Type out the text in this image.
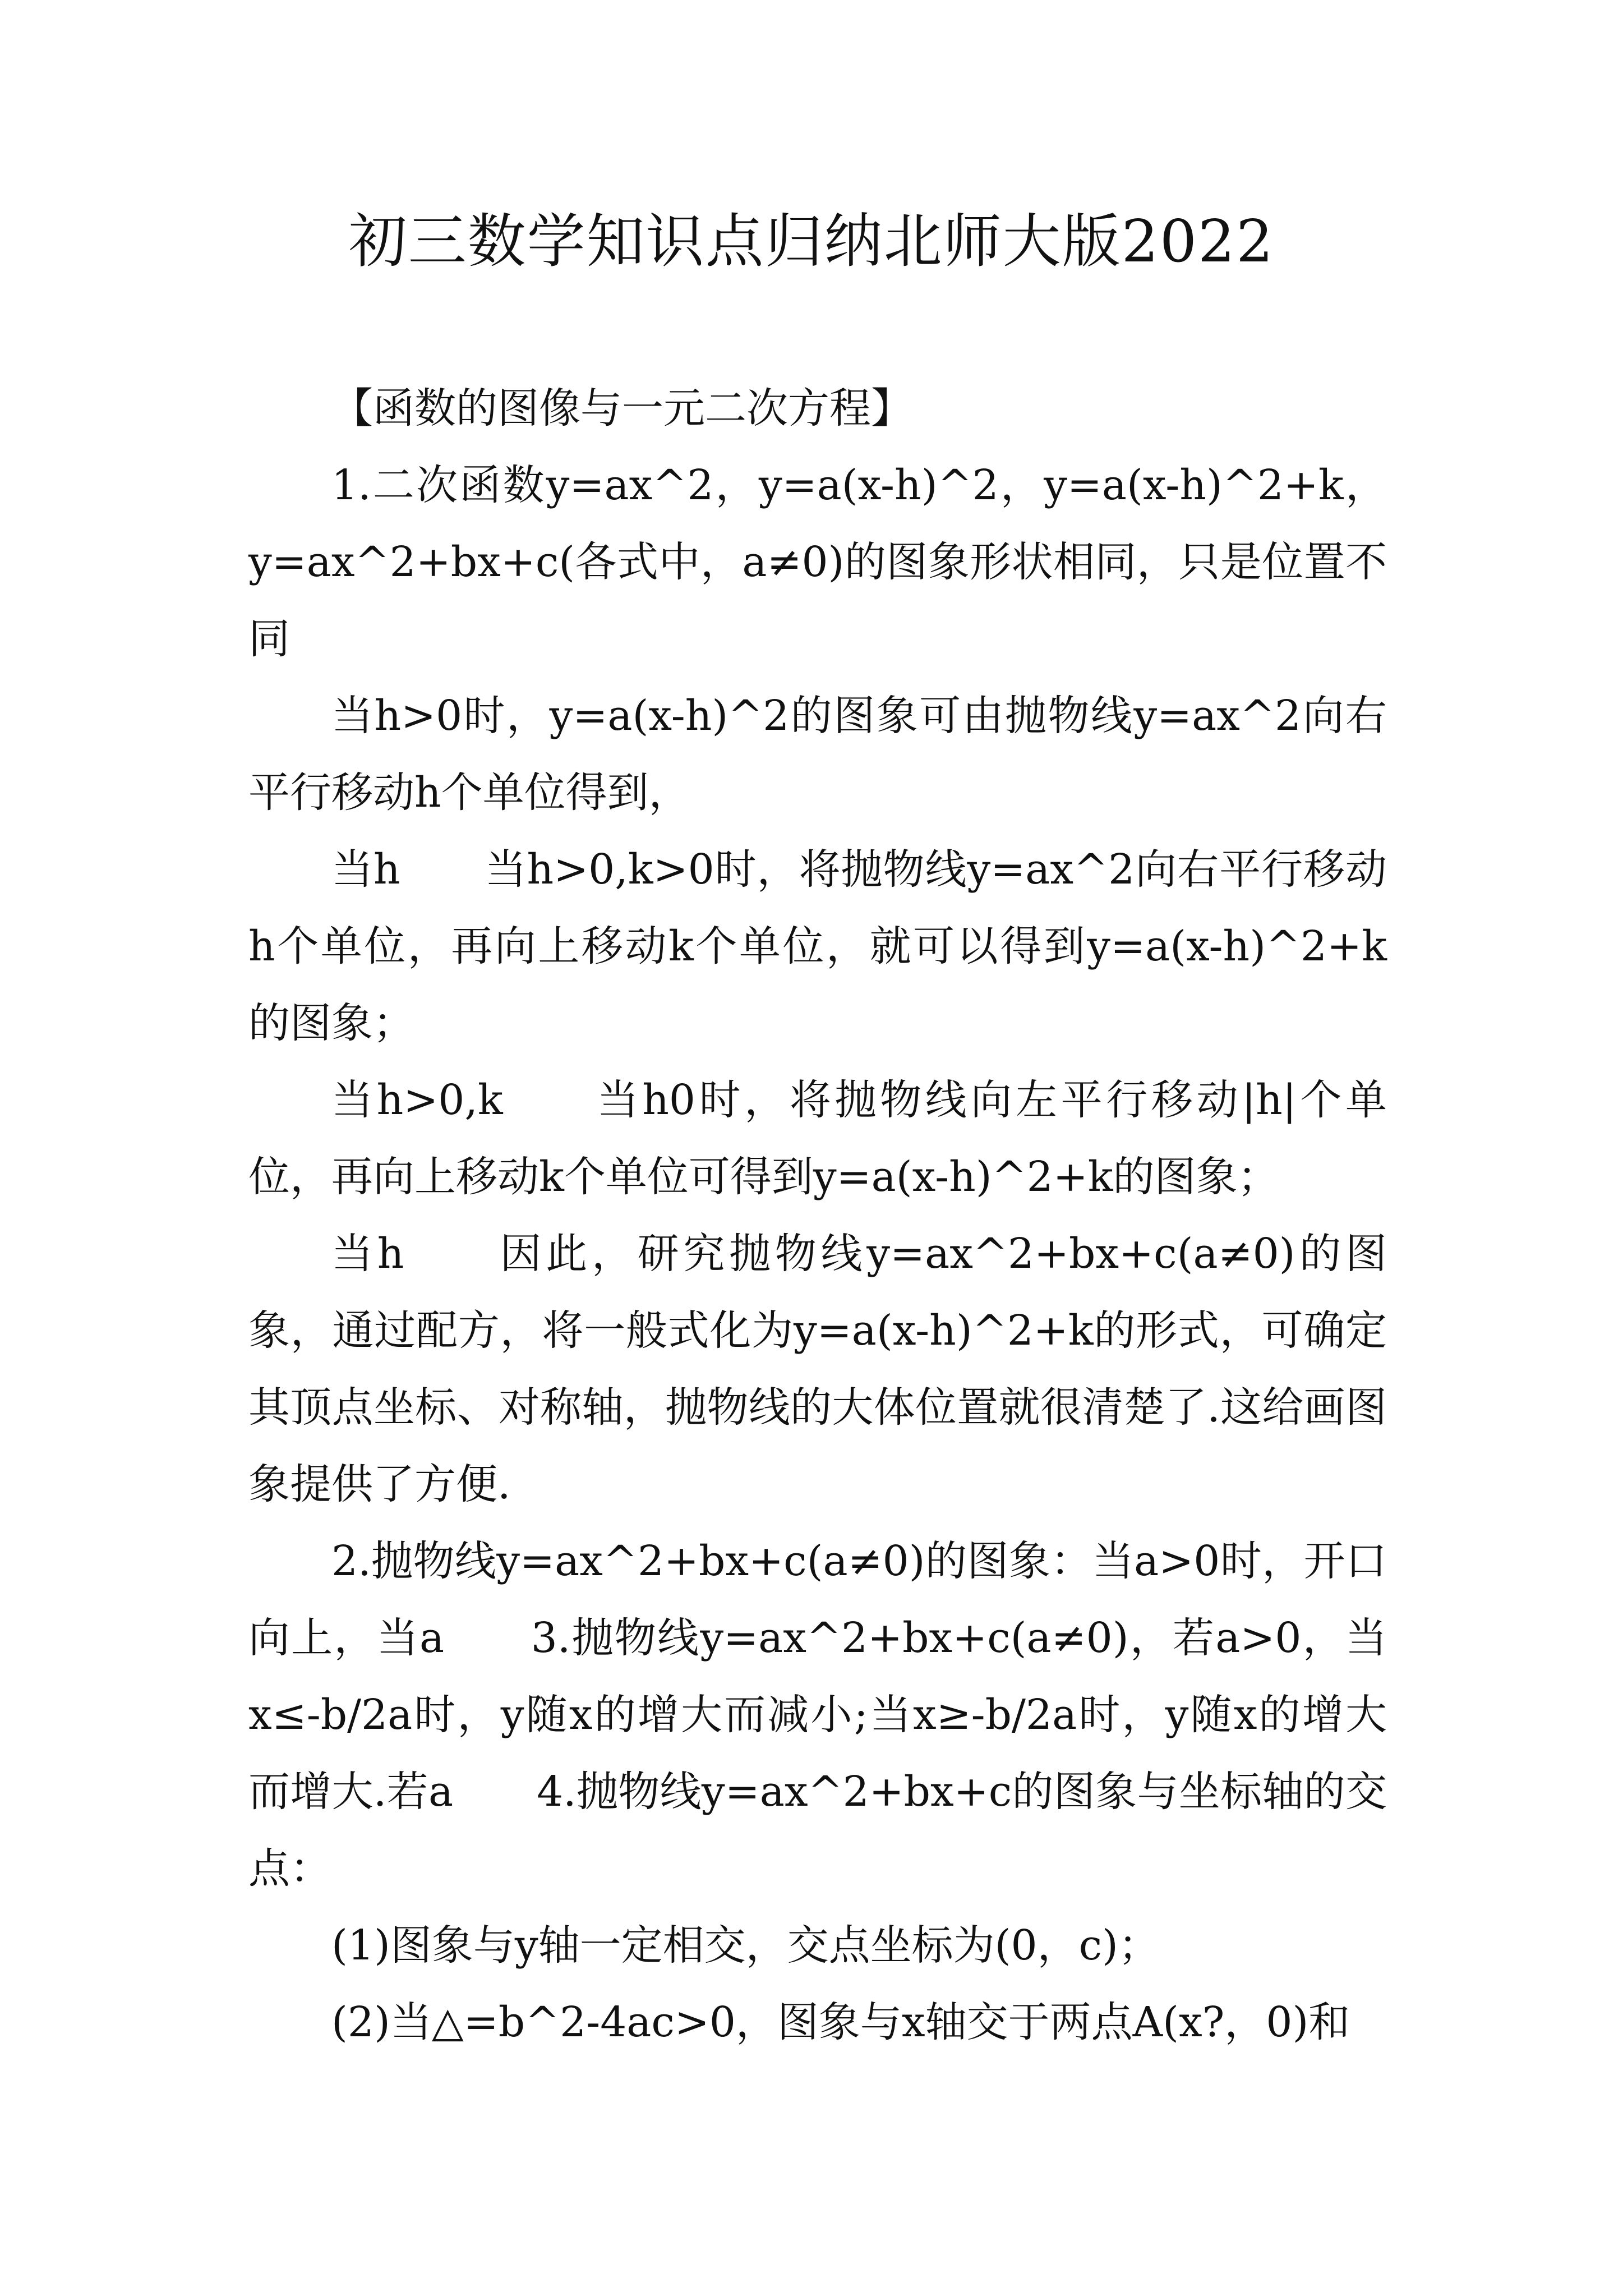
初三数学知识点归纳北师大版2022

【函数的图像与一元二次方程】

1.二次函数y=ax^2，y=a(x-h)^2，y=a(x-h)^2+k，y=ax^2+bx+c(各式中，a≠0)的图象形状相同，只是位置不同

当h>0时，y=a(x-h)^2的图象可由抛物线y=ax^2向右平行移动h个单位得到，

当h　　当h>0,k>0时，将抛物线y=ax^2向右平行移动h个单位，再向上移动k个单位，就可以得到y=a(x-h)^2+k的图象；

当h>0,k　　当h0时，将抛物线向左平行移动|h|个单位，再向上移动k个单位可得到y=a(x-h)^2+k的图象；

当h　　因此，研究抛物线y=ax^2+bx+c(a≠0)的图象，通过配方，将一般式化为y=a(x-h)^2+k的形式，可确定其顶点坐标、对称轴，抛物线的大体位置就很清楚了.这给画图象提供了方便.

2.抛物线y=ax^2+bx+c(a≠0)的图象：当a>0时，开口向上，当a　　3.抛物线y=ax^2+bx+c(a≠0)，若a>0，当x≤-b/2a时，y随x的增大而减小;当x≥-b/2a时，y随x的增大而增大.若a　　4.抛物线y=ax^2+bx+c的图象与坐标轴的交点：

(1)图象与y轴一定相交，交点坐标为(0，c)；

(2)当△=b^2-4ac>0，图象与x轴交于两点A(x?，0)和
